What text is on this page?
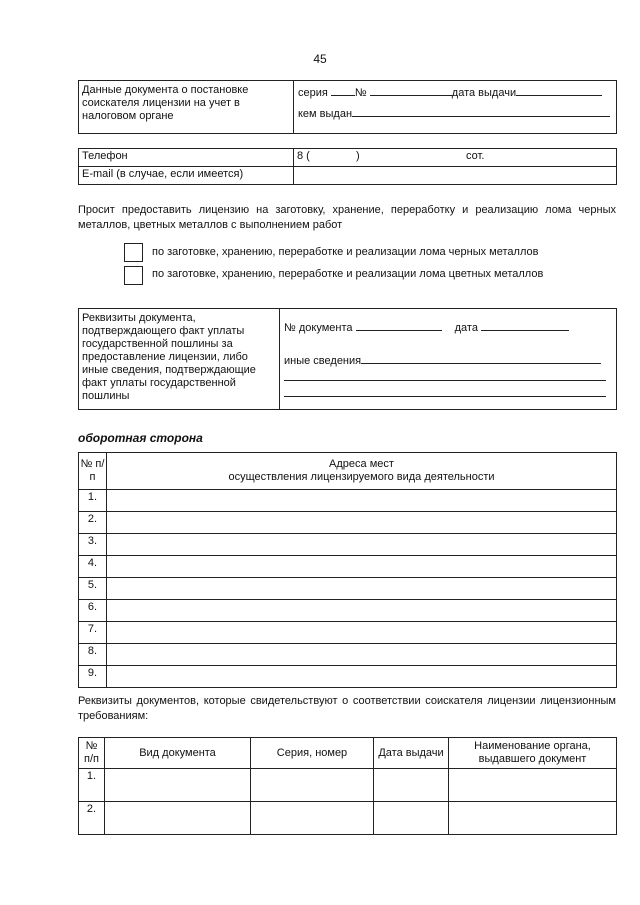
45
Данные документа о постановке соискателя лицензии на учет в налоговом органе	
серия №	дата выдачи
кем выдан
Телефон	8 ( ) сот.

E-mail (в случае, если имеется)	
Просит предоставить лицензию на заготовку, хранение, переработку и реализацию лома черных металлов, цветных металлов с выполнением работ
по заготовке, хранению, переработке и реализации лома черных металлов
по заготовке, хранению, переработке и реализации лома цветных металлов
Реквизиты документа, подтверждающего факт уплаты государственной пошлины за предоставление лицензии, либо иные сведения, подтверждающие факт уплаты государственной пошлины	
№ документа	дата
иные сведения
оборотная сторона
№ п/п	Адреса мест
осуществления лицензируемого вида деятельности

1.	
2.	
3.	
4.	
5.	
6.	
7.	
8.	
9.	
Реквизиты документов, которые свидетельствуют о соответствии соискателя лицензии лицензионным требованиям:
№ п/п	Вид документа	Серия, номер	Дата выдачи	Наименование органа, выдавшего документ
1.				
2.				
